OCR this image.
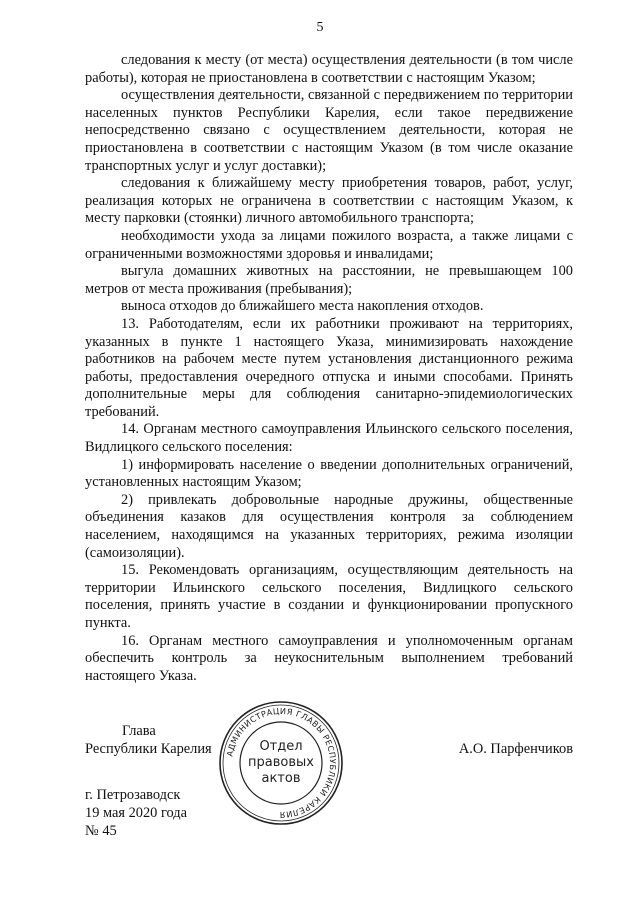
5

следования к месту (от места) осуществления деятельности (в том числе работы), которая не приостановлена в соответствии с настоящим Указом;

осуществления деятельности, связанной с передвижением по территории населенных пунктов Республики Карелия, если такое передвижение непосредственно связано с осуществлением деятельности, которая не приостановлена в соответствии с настоящим Указом (в том числе оказание транспортных услуг и услуг доставки);

следования к ближайшему месту приобретения товаров, работ, услуг, реализация которых не ограничена в соответствии с настоящим Указом, к месту парковки (стоянки) личного автомобильного транспорта;

необходимости ухода за лицами пожилого возраста, а также лицами с ограниченными возможностями здоровья и инвалидами;

выгула домашних животных на расстоянии, не превышающем 100 метров от места проживания (пребывания);

выноса отходов до ближайшего места накопления отходов.

13. Работодателям, если их работники проживают на территориях, указанных в пункте 1 настоящего Указа, минимизировать нахождение работников на рабочем месте путем установления дистанционного режима работы, предоставления очередного отпуска и иными способами. Принять дополнительные меры для соблюдения санитарно-эпидемиологических требований.

14. Органам местного самоуправления Ильинского сельского поселения, Видлицкого сельского поселения:

1) информировать население о введении дополнительных ограничений, установленных настоящим Указом;

2) привлекать добровольные народные дружины, общественные объединения казаков для осуществления контроля за соблюдением населением, находящимся на указанных территориях, режима изоляции (самоизоляции).

15. Рекомендовать организациям, осуществляющим деятельность на территории Ильинского сельского поселения, Видлицкого сельского поселения, принять участие в создании и функционировании пропускного пункта.

16. Органам местного самоуправления и уполномоченным органам обеспечить контроль за неукоснительным выполнением требований настоящего Указа.

Глава
Республики Карелия	А.О. Парфенчиков
АДМИНИСТРАЦИЯ ГЛАВЫ РЕСПУБЛИКИ КАРЕЛИЯ
Отдел
правовых
актов
г. Петрозаводск
19 мая 2020 года
№ 45
